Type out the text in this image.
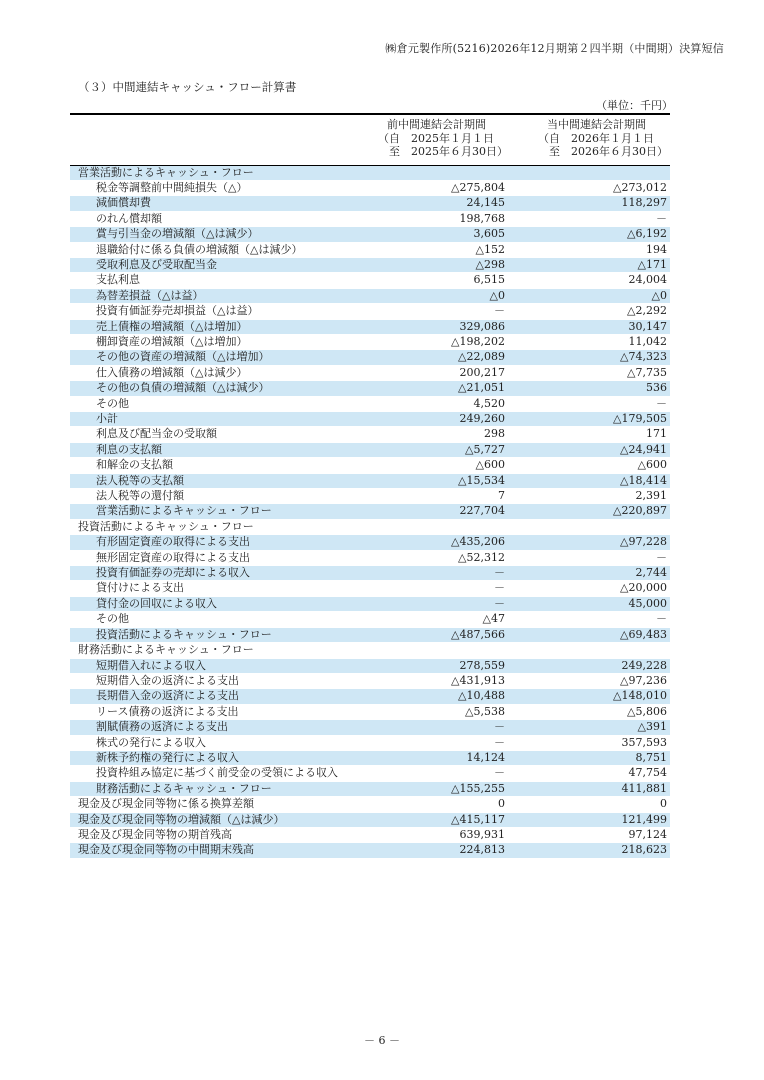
㈱倉元製作所(5216)2026年12月期第２四半期（中間期）決算短信
（３）中間連結キャッシュ・フロー計算書
（単位：千円）

	前中間連結会計期間
（自　2025年１月１日
　至　2025年６月30日）	当中間連結会計期間
（自　2026年１月１日
　至　2026年６月30日）

営業活動によるキャッシュ・フロー		
税金等調整前中間純損失（△）	△275,804	△273,012
減価償却費	24,145	118,297
のれん償却額	198,768	－
賞与引当金の増減額（△は減少）	3,605	△6,192
退職給付に係る負債の増減額（△は減少）	△152	194
受取利息及び受取配当金	△298	△171
支払利息	6,515	24,004
為替差損益（△は益）	△0	△0
投資有価証券売却損益（△は益）	－	△2,292
売上債権の増減額（△は増加）	329,086	30,147
棚卸資産の増減額（△は増加）	△198,202	11,042
その他の資産の増減額（△は増加）	△22,089	△74,323
仕入債務の増減額（△は減少）	200,217	△7,735
その他の負債の増減額（△は減少）	△21,051	536
その他	4,520	－
小計	249,260	△179,505
利息及び配当金の受取額	298	171
利息の支払額	△5,727	△24,941
和解金の支払額	△600	△600
法人税等の支払額	△15,534	△18,414
法人税等の還付額	7	2,391
営業活動によるキャッシュ・フロー	227,704	△220,897
投資活動によるキャッシュ・フロー		
有形固定資産の取得による支出	△435,206	△97,228
無形固定資産の取得による支出	△52,312	－
投資有価証券の売却による収入	－	2,744
貸付けによる支出	－	△20,000
貸付金の回収による収入	－	45,000
その他	△47	－
投資活動によるキャッシュ・フロー	△487,566	△69,483
財務活動によるキャッシュ・フロー		
短期借入れによる収入	278,559	249,228
短期借入金の返済による支出	△431,913	△97,236
長期借入金の返済による支出	△10,488	△148,010
リース債務の返済による支出	△5,538	△5,806
割賦債務の返済による支出	－	△391
株式の発行による収入	－	357,593
新株予約権の発行による収入	14,124	8,751
投資枠組み協定に基づく前受金の受領による収入	－	47,754
財務活動によるキャッシュ・フロー	△155,255	411,881
現金及び現金同等物に係る換算差額	0	0
現金及び現金同等物の増減額（△は減少）	△415,117	121,499
現金及び現金同等物の期首残高	639,931	97,124
現金及び現金同等物の中間期末残高	224,813	218,623
－ 6 －
